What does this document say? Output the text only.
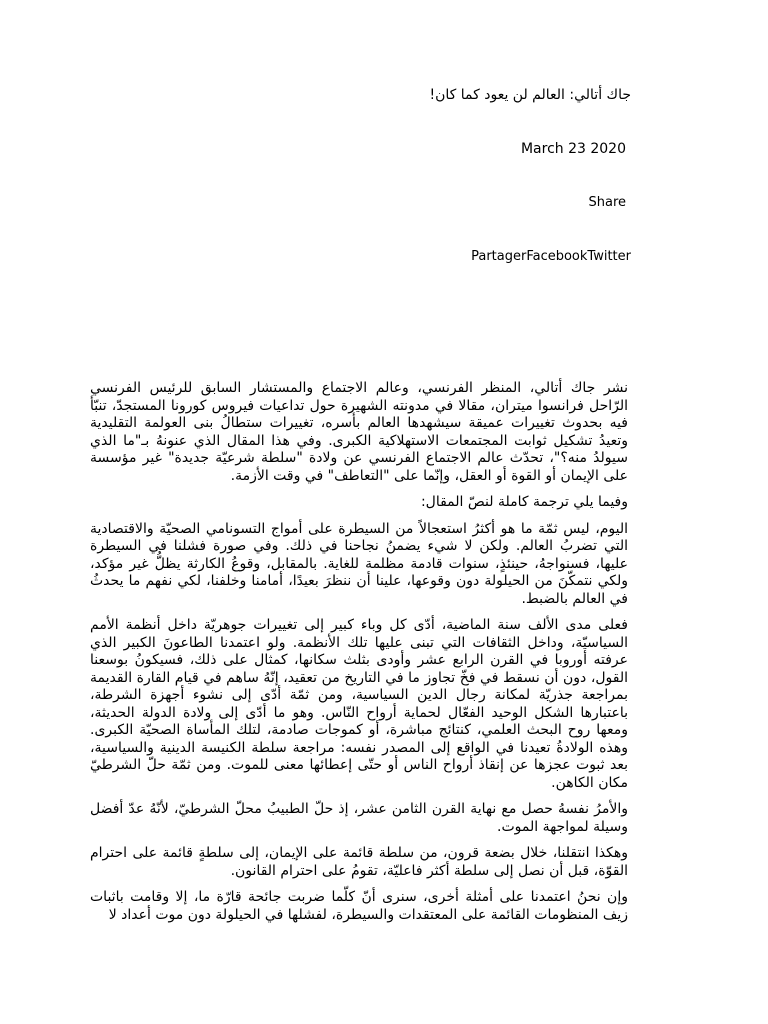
جاك أتالي: العالم لن يعود كما كان!
March 23 2020
Share
PartagerFacebookTwitter

نشر جاك أتالي، المنظر الفرنسي، وعالم الاجتماع والمستشار السابق للرئيس الفرنسي الرّاحل فرانسوا ميتران، مقالا في مدونته الشهيرة حول تداعيات فيروس كورونا المستجدّ، تنبّأ فيه بحدوث تغييرات عميقة سيشهدها العالم بأسره، تغييرات ستطالُ بنى العولمة التقليدية وتعيدُ تشكيل ثوابت المجتمعات الاستهلاكية الكبرى. وفي هذا المقال الذي عنونهُ بـ"ما الذي سيولدُ منه؟"، تحدّث عالم الاجتماع الفرنسي عن ولادة "سلطة شرعيّة جديدة" غير مؤسسة على الإيمان أو القوة أو العقل، وإنّما على "التعاطف" في وقت الأزمة.

وفيما يلي ترجمة كاملة لنصّ المقال:

اليوم، ليس ثمّة ما هو أكثرُ استعجالاً من السيطرة على أمواج التسونامي الصحيّة والاقتصادية التي تضربُ العالم. ولكن لا شيء يضمنُ نجاحنا في ذلك. وفي صورة فشلنا في السيطرة عليها، فسنواجهُ، حينئذٍ، سنوات قادمة مظلمة للغاية. بالمقابل، وقوعُ الكارثة يظلُّ غير مؤكد، ولكي نتمكّنَ من الحيلولة دون وقوعها، علينا أن ننظرَ بعيدًا، أمامنا وخلفنا، لكي نفهم ما يحدثُ في العالم بالضبط.

فعلى مدى الألف سنة الماضية، أدّى كل وباء كبير إلى تغييرات جوهريّة داخل أنظمة الأمم السياسيّة، وداخل الثقافات التي تبنى عليها تلك الأنظمة. ولو اعتمدنا الطاعونَ الكبير الذي عرفته أوروبا في القرن الرابع عشر وأودى بثلث سكانها، كمثال على ذلك، فسيكونُ بوسعنا القول، دون أن نسقط في فخّ تجاوز ما في التاريخ من تعقيد، إنّهُ ساهم في قيام القارة القديمة بمراجعة جذريّة لمكانة رجال الدين السياسية، ومن ثمّة أدّى إلى نشوء أجهزة الشرطة، باعتبارها الشكل الوحيد الفعّال لحماية أرواح النّاس. وهو ما أدّى إلى ولادة الدولة الحديثة، ومعها روح البحث العلمي، كنتائج مباشرة، أو كموجات صادمة، لتلك المأساة الصحيّة الكبرى. وهذه الولادةُ تعيدنا في الواقع إلى المصدر نفسه: مراجعة سلطة الكنيسة الدينية والسياسية، بعد ثبوت عجزها عن إنقاذ أرواح الناس أو حتّى إعطائها معنى للموت. ومن ثمّة حلّ الشرطيّ مكان الكاهن.

والأمرُ نفسهُ حصل مع نهاية القرن الثامن عشر، إذ حلّ الطبيبُ محلّ الشرطيّ، لأنّهُ عدّ أفضل وسيلة لمواجهة الموت.

وهكذا انتقلنا، خلال بضعة قرون، من سلطة قائمة على الإيمان، إلى سلطةٍ قائمة على احترام القوّة، قبل أن نصل إلى سلطة أكثر فاعليّة، تقومُ على احترام القانون.

وإن نحنُ اعتمدنا على أمثلة أخرى، سنرى أنّ كلّما ضربت جائحة قارّة ما، إلا وقامت باثبات زيف المنظومات القائمة على المعتقدات والسيطرة، لفشلها في الحيلولة دون موت أعداد لا
